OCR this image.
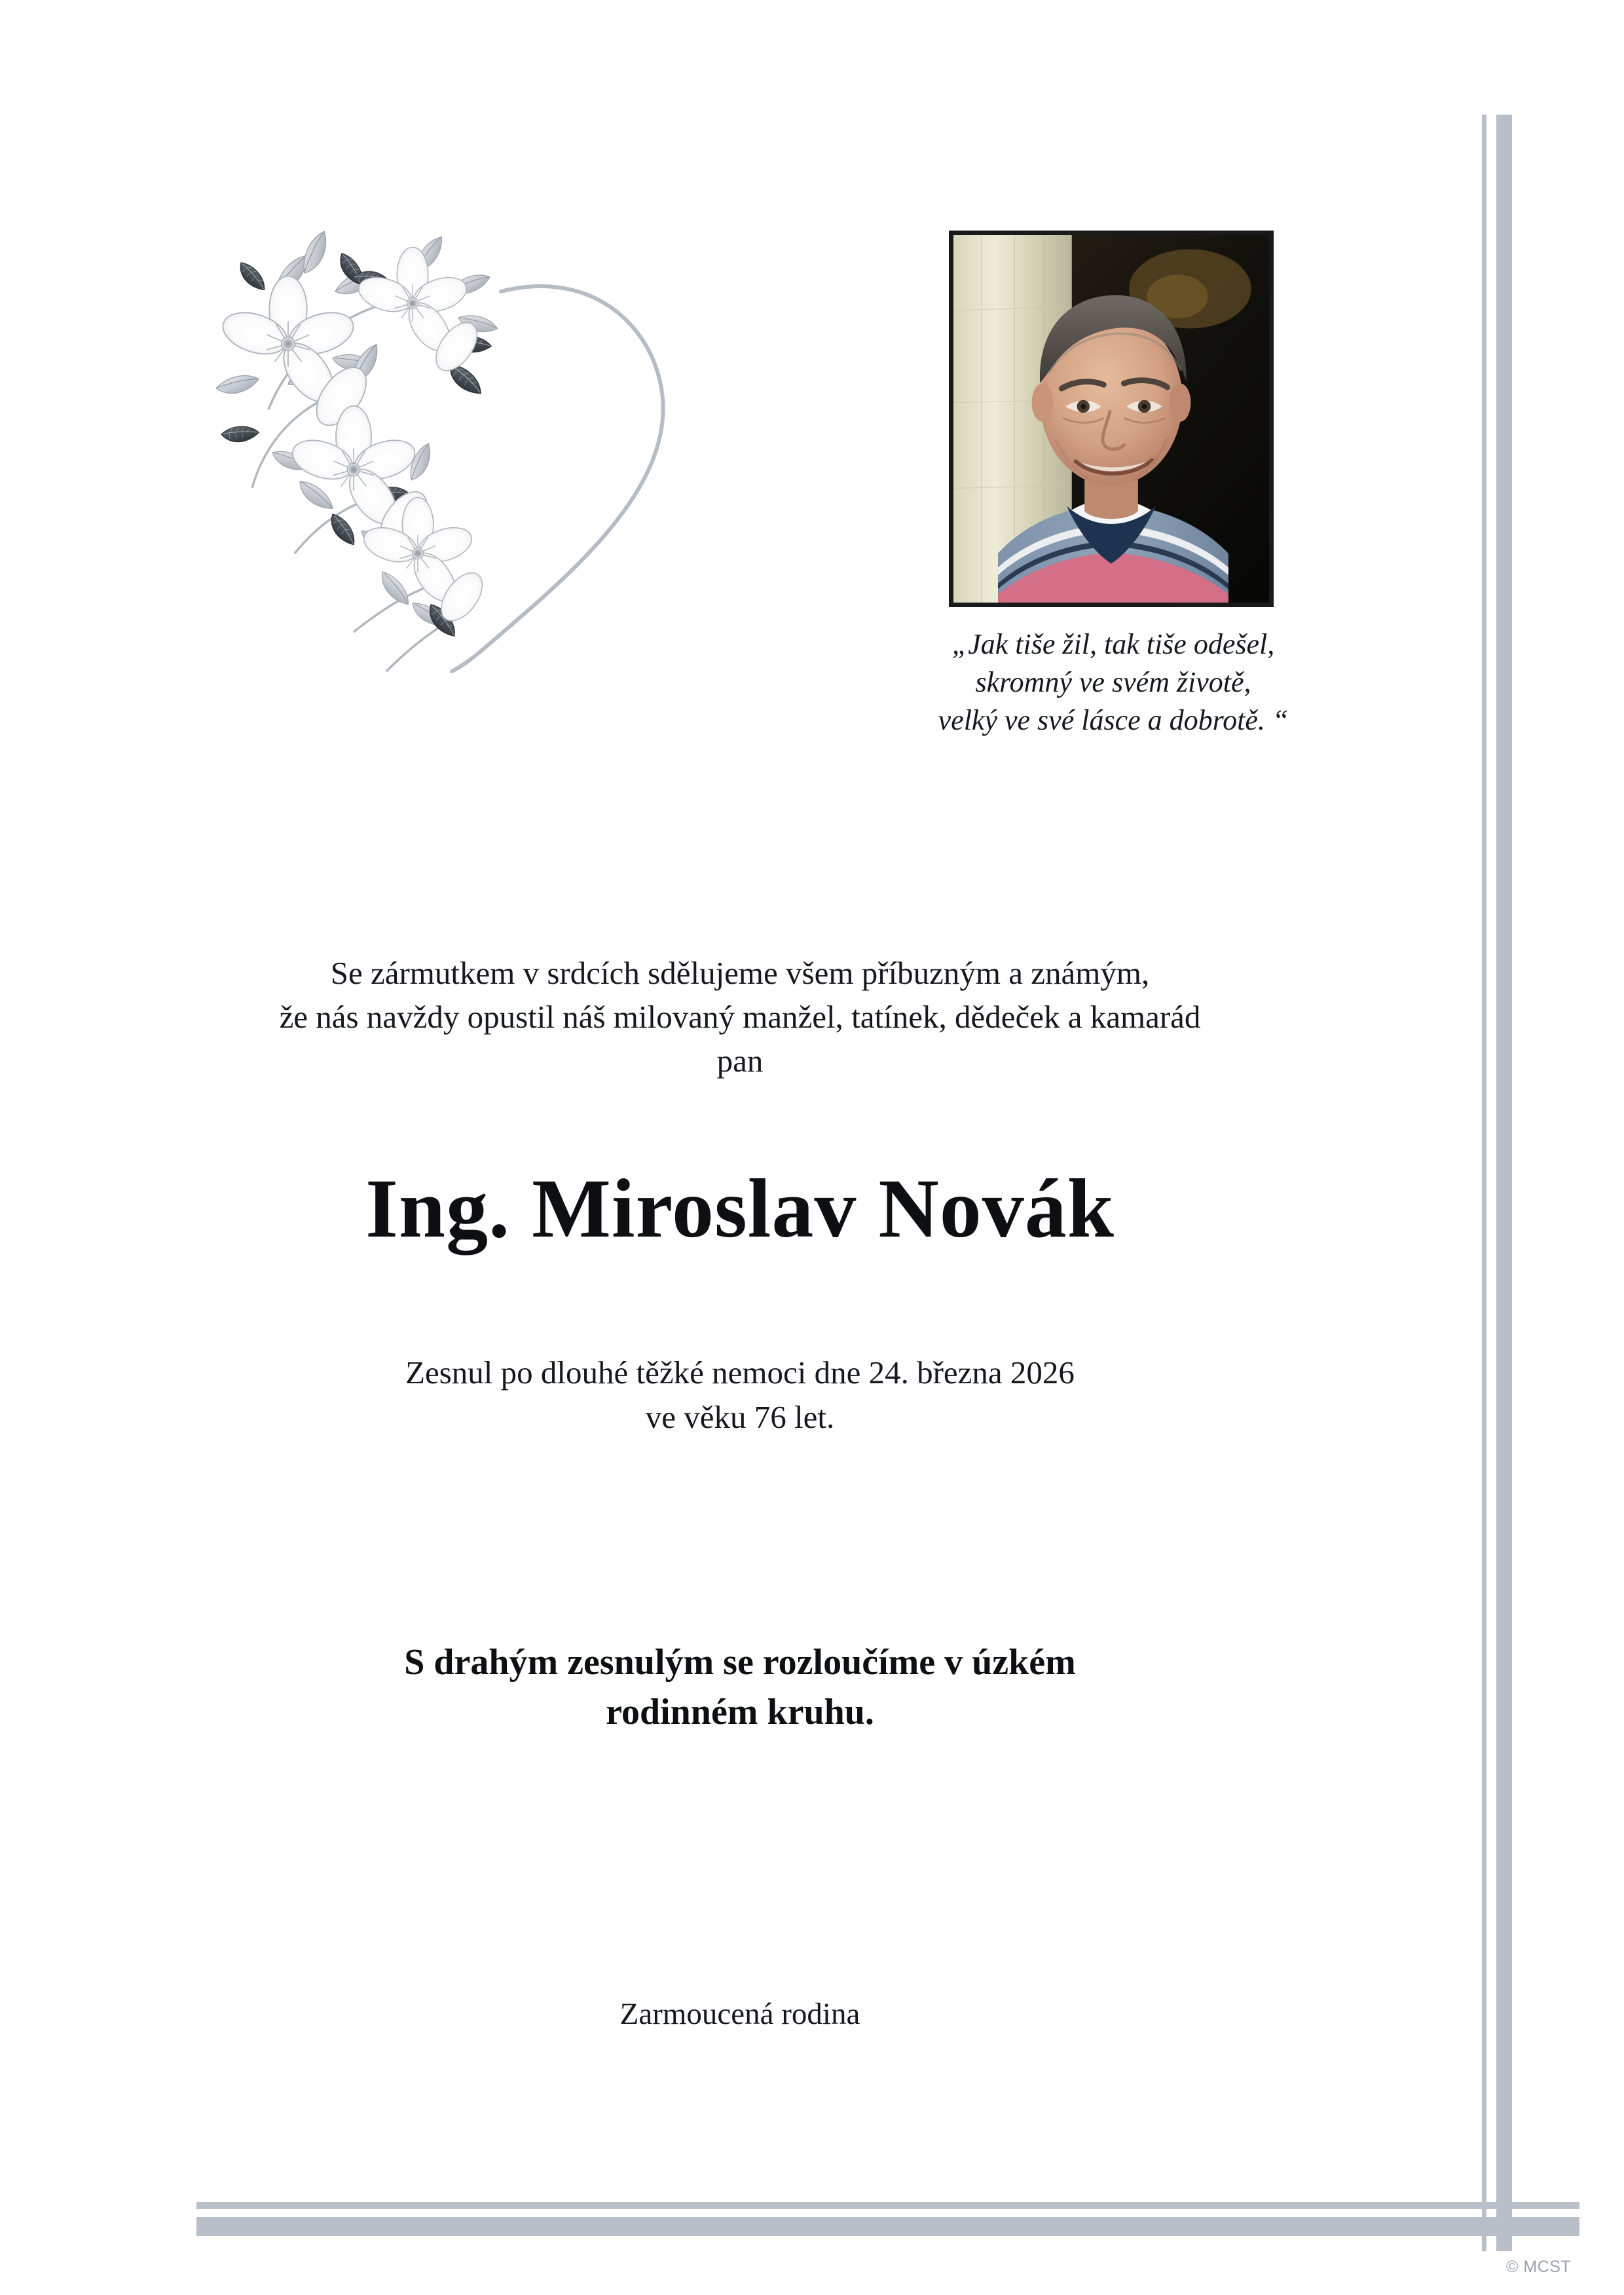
„Jak tiše žil, tak tiše odešel,
skromný ve svém životě,
velký ve své lásce a dobrotě. “
Se zármutkem v srdcích sdělujeme všem příbuzným a známým,
že nás navždy opustil náš milovaný manžel, tatínek, dědeček a kamarád
pan
Ing. Miroslav Novák
Zesnul po dlouhé těžké nemoci dne 24. března 2026
ve věku 76 let.
S drahým zesnulým se rozloučíme v úzkém
rodinném kruhu.
Zarmoucená rodina
© MCST
